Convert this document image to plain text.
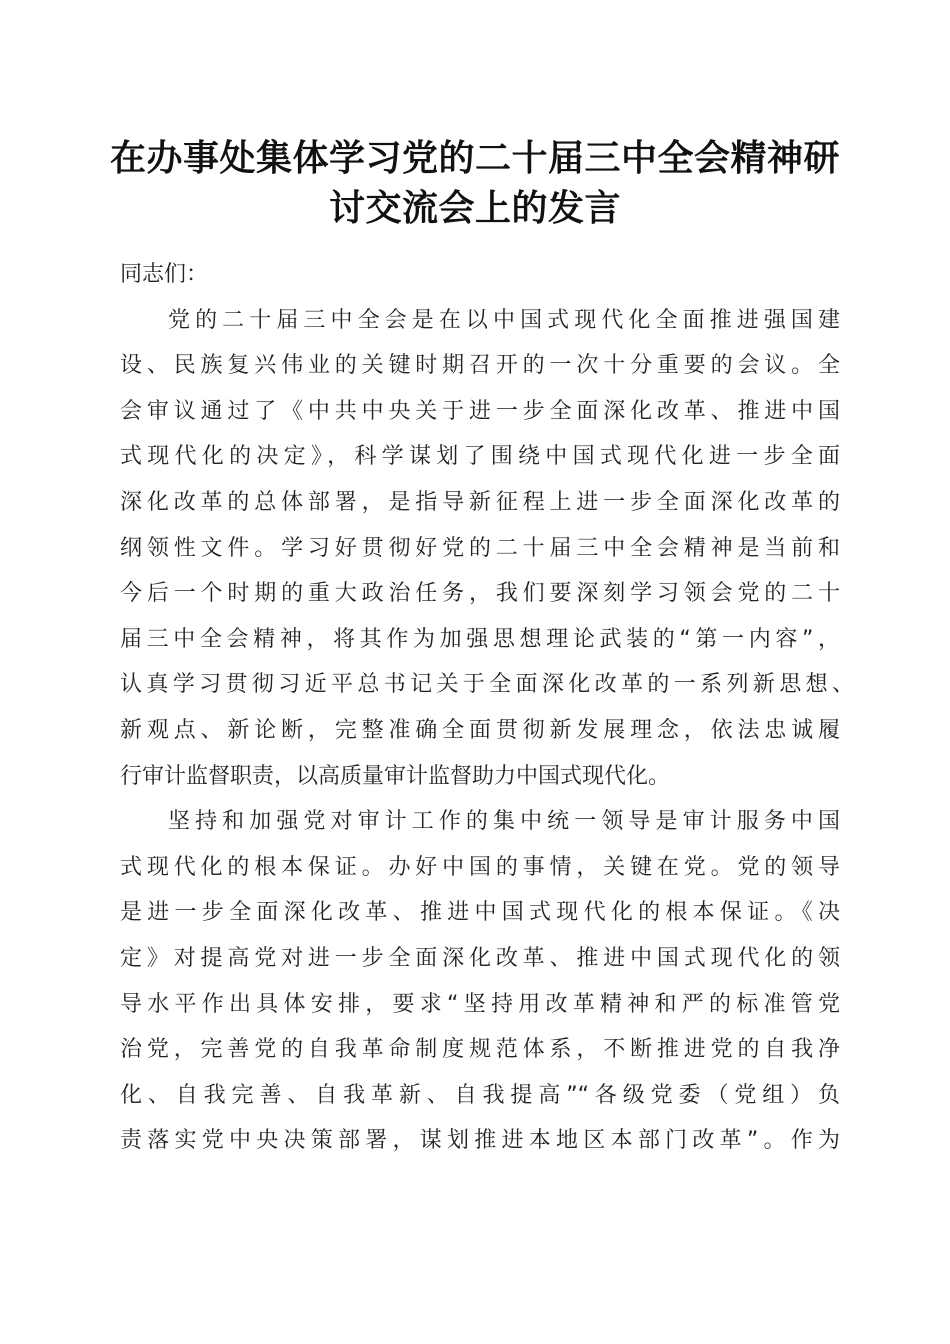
在办事处集体学习党的二十届三中全会精神研
讨交流会上的发言
同志们：
党的二十届三中全会是在以中国式现代化全面推进强国建
设、民族复兴伟业的关键时期召开的一次十分重要的会议。全
会审议通过了《中共中央关于进一步全面深化改革、推进中国
式现代化的决定》，科学谋划了围绕中国式现代化进一步全面
深化改革的总体部署，是指导新征程上进一步全面深化改革的
纲领性文件。学习好贯彻好党的二十届三中全会精神是当前和
今后一个时期的重大政治任务，我们要深刻学习领会党的二十
届三中全会精神，将其作为加强思想理论武装的“第一内容”，
认真学习贯彻习近平总书记关于全面深化改革的一系列新思想、
新观点、新论断，完整准确全面贯彻新发展理念，依法忠诚履
行审计监督职责，以高质量审计监督助力中国式现代化。
坚持和加强党对审计工作的集中统一领导是审计服务中国
式现代化的根本保证。办好中国的事情，关键在党。党的领导
是进一步全面深化改革、推进中国式现代化的根本保证。《决
定》对提高党对进一步全面深化改革、推进中国式现代化的领
导水平作出具体安排，要求“坚持用改革精神和严的标准管党
治党，完善党的自我革命制度规范体系，不断推进党的自我净
化、自我完善、自我革新、自我提高”“各级党委（党组）负
责落实党中央决策部署，谋划推进本地区本部门改革”。作为
